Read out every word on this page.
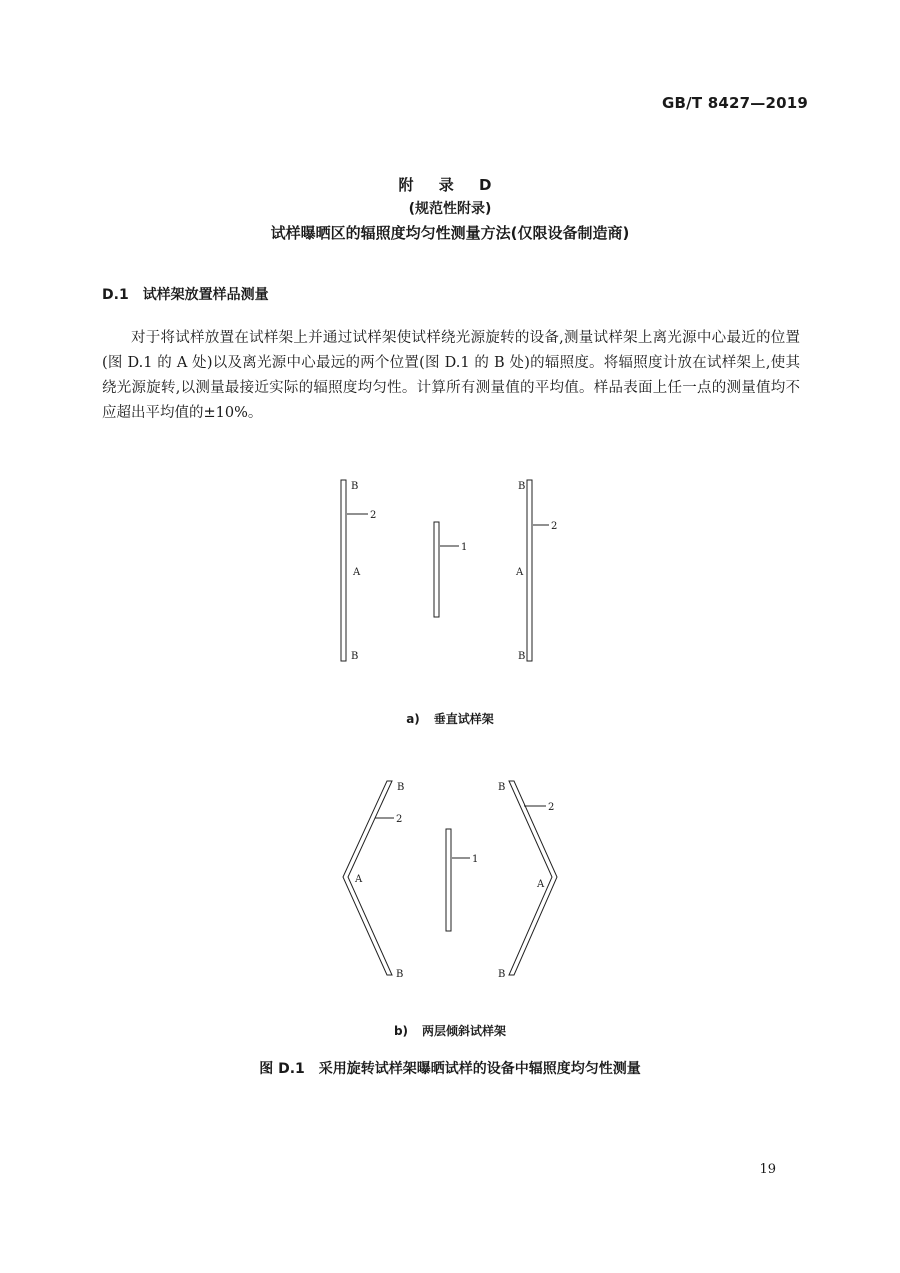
GB/T 8427—2019
附 录 D
(规范性附录)
试样曝晒区的辐照度均匀性测量方法(仅限设备制造商)
D.1 试样架放置样品测量

对于将试样放置在试样架上并通过试样架使试样绕光源旋转的设备,测量试样架上离光源中心最近的位置(图 D.1 的 A 处)以及离光源中心最远的两个位置(图 D.1 的 B 处)的辐照度。将辐照度计放在试样架上,使其绕光源旋转,以测量最接近实际的辐照度均匀性。计算所有测量值的平均值。样品表面上任一点的测量值均不应超出平均值的±10%。

B
2
A
B
1
B
2
A
B
B
2
A
B
1
B
2
A
B
a) 垂直试样架
b) 两层倾斜试样架
图 D.1 采用旋转试样架曝晒试样的设备中辐照度均匀性测量
19
